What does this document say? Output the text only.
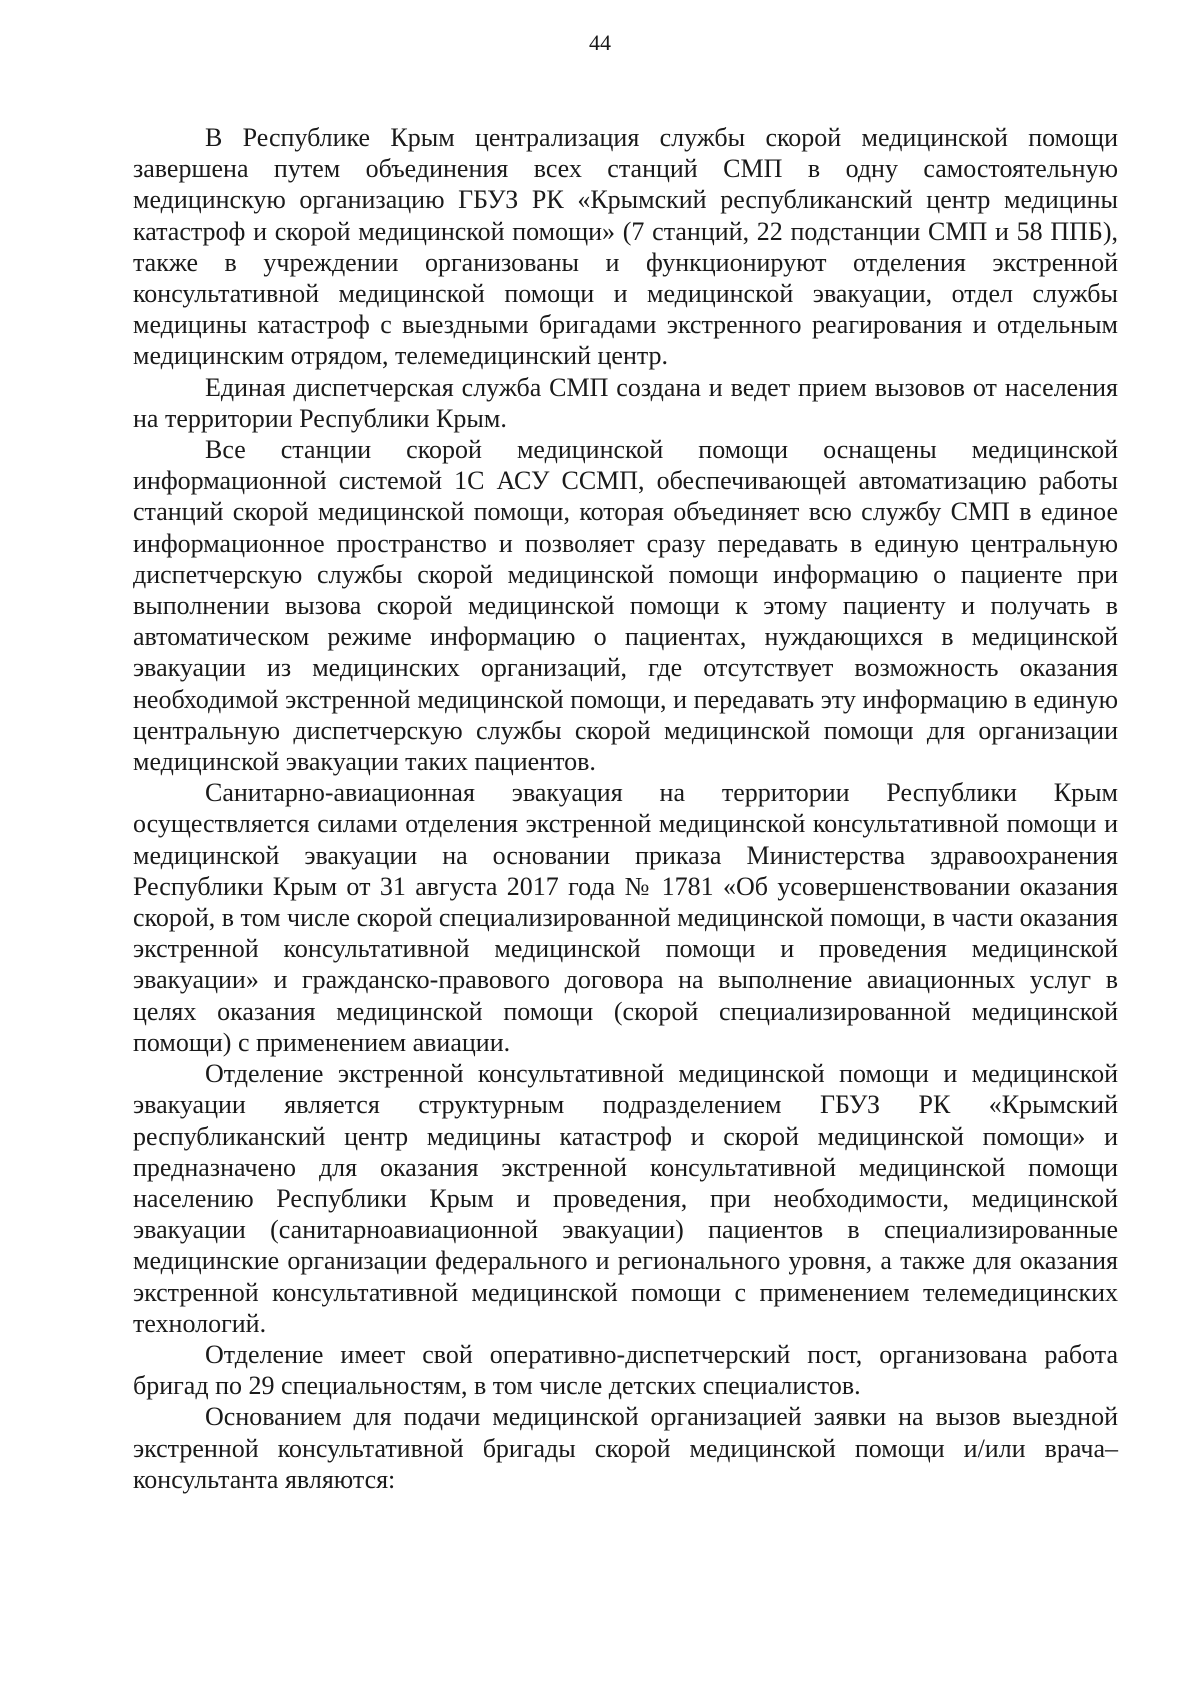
44

В Республике Крым централизация службы скорой медицинской помощи завершена путем объединения всех станций СМП в одну самостоятельную медицинскую организацию ГБУЗ РК «Крымский республиканский центр медицины катастроф и скорой медицинской помощи» (7 станций, 22 подстанции СМП и 58 ППБ), также в учреждении организованы и функционируют отделения экстренной консультативной медицинской помощи и медицинской эвакуации, отдел службы медицины катастроф с выездными бригадами экстренного реагирования и отдельным медицинским отрядом, телемедицинский центр.

Единая диспетчерская служба СМП создана и ведет прием вызовов от населения на территории Республики Крым.

Все станции скорой медицинской помощи оснащены медицинской информационной системой 1С АСУ ССМП, обеспечивающей автоматизацию работы станций скорой медицинской помощи, которая объединяет всю службу СМП в единое информационное пространство и позволяет сразу передавать в единую центральную диспетчерскую службы скорой медицинской помощи информацию о пациенте при выполнении вызова скорой медицинской помощи к этому пациенту и получать в автоматическом режиме информацию о пациентах, нуждающихся в медицинской эвакуации из медицинских организаций, где отсутствует возможность оказания необходимой экстренной медицинской помощи, и передавать эту информацию в единую центральную диспетчерскую службы скорой медицинской помощи для организации медицинской эвакуации таких пациентов.

Санитарно-авиационная эвакуация на территории Республики Крым осуществляется силами отделения экстренной медицинской консультативной помощи и медицинской эвакуации на основании приказа Министерства здравоохранения Республики Крым от 31 августа 2017 года № 1781 «Об усовершенствовании оказания скорой, в том числе скорой специализированной медицинской помощи, в части оказания экстренной консультативной медицинской помощи и проведения медицинской эвакуации» и гражданско-правового договора на выполнение авиационных услуг в целях оказания медицинской помощи (скорой специализированной медицинской помощи) с применением авиации.

Отделение экстренной консультативной медицинской помощи и медицинской эвакуации является структурным подразделением ГБУЗ РК «Крымский республиканский центр медицины катастроф и скорой медицинской помощи» и предназначено для оказания экстренной консультативной медицинской помощи населению Республики Крым и проведения, при необходимости, медицинской эвакуации (санитарноавиационной эвакуации) пациентов в специализированные медицинские организации федерального и регионального уровня, а также для оказания экстренной консультативной медицинской помощи с применением телемедицинских технологий.

Отделение имеет свой оперативно-диспетчерский пост, организована работа бригад по 29 специальностям, в том числе детских специалистов.

Основанием для подачи медицинской организацией заявки на вызов выездной экстренной консультативной бригады скорой медицинской помощи и/или врача– консультанта являются:
